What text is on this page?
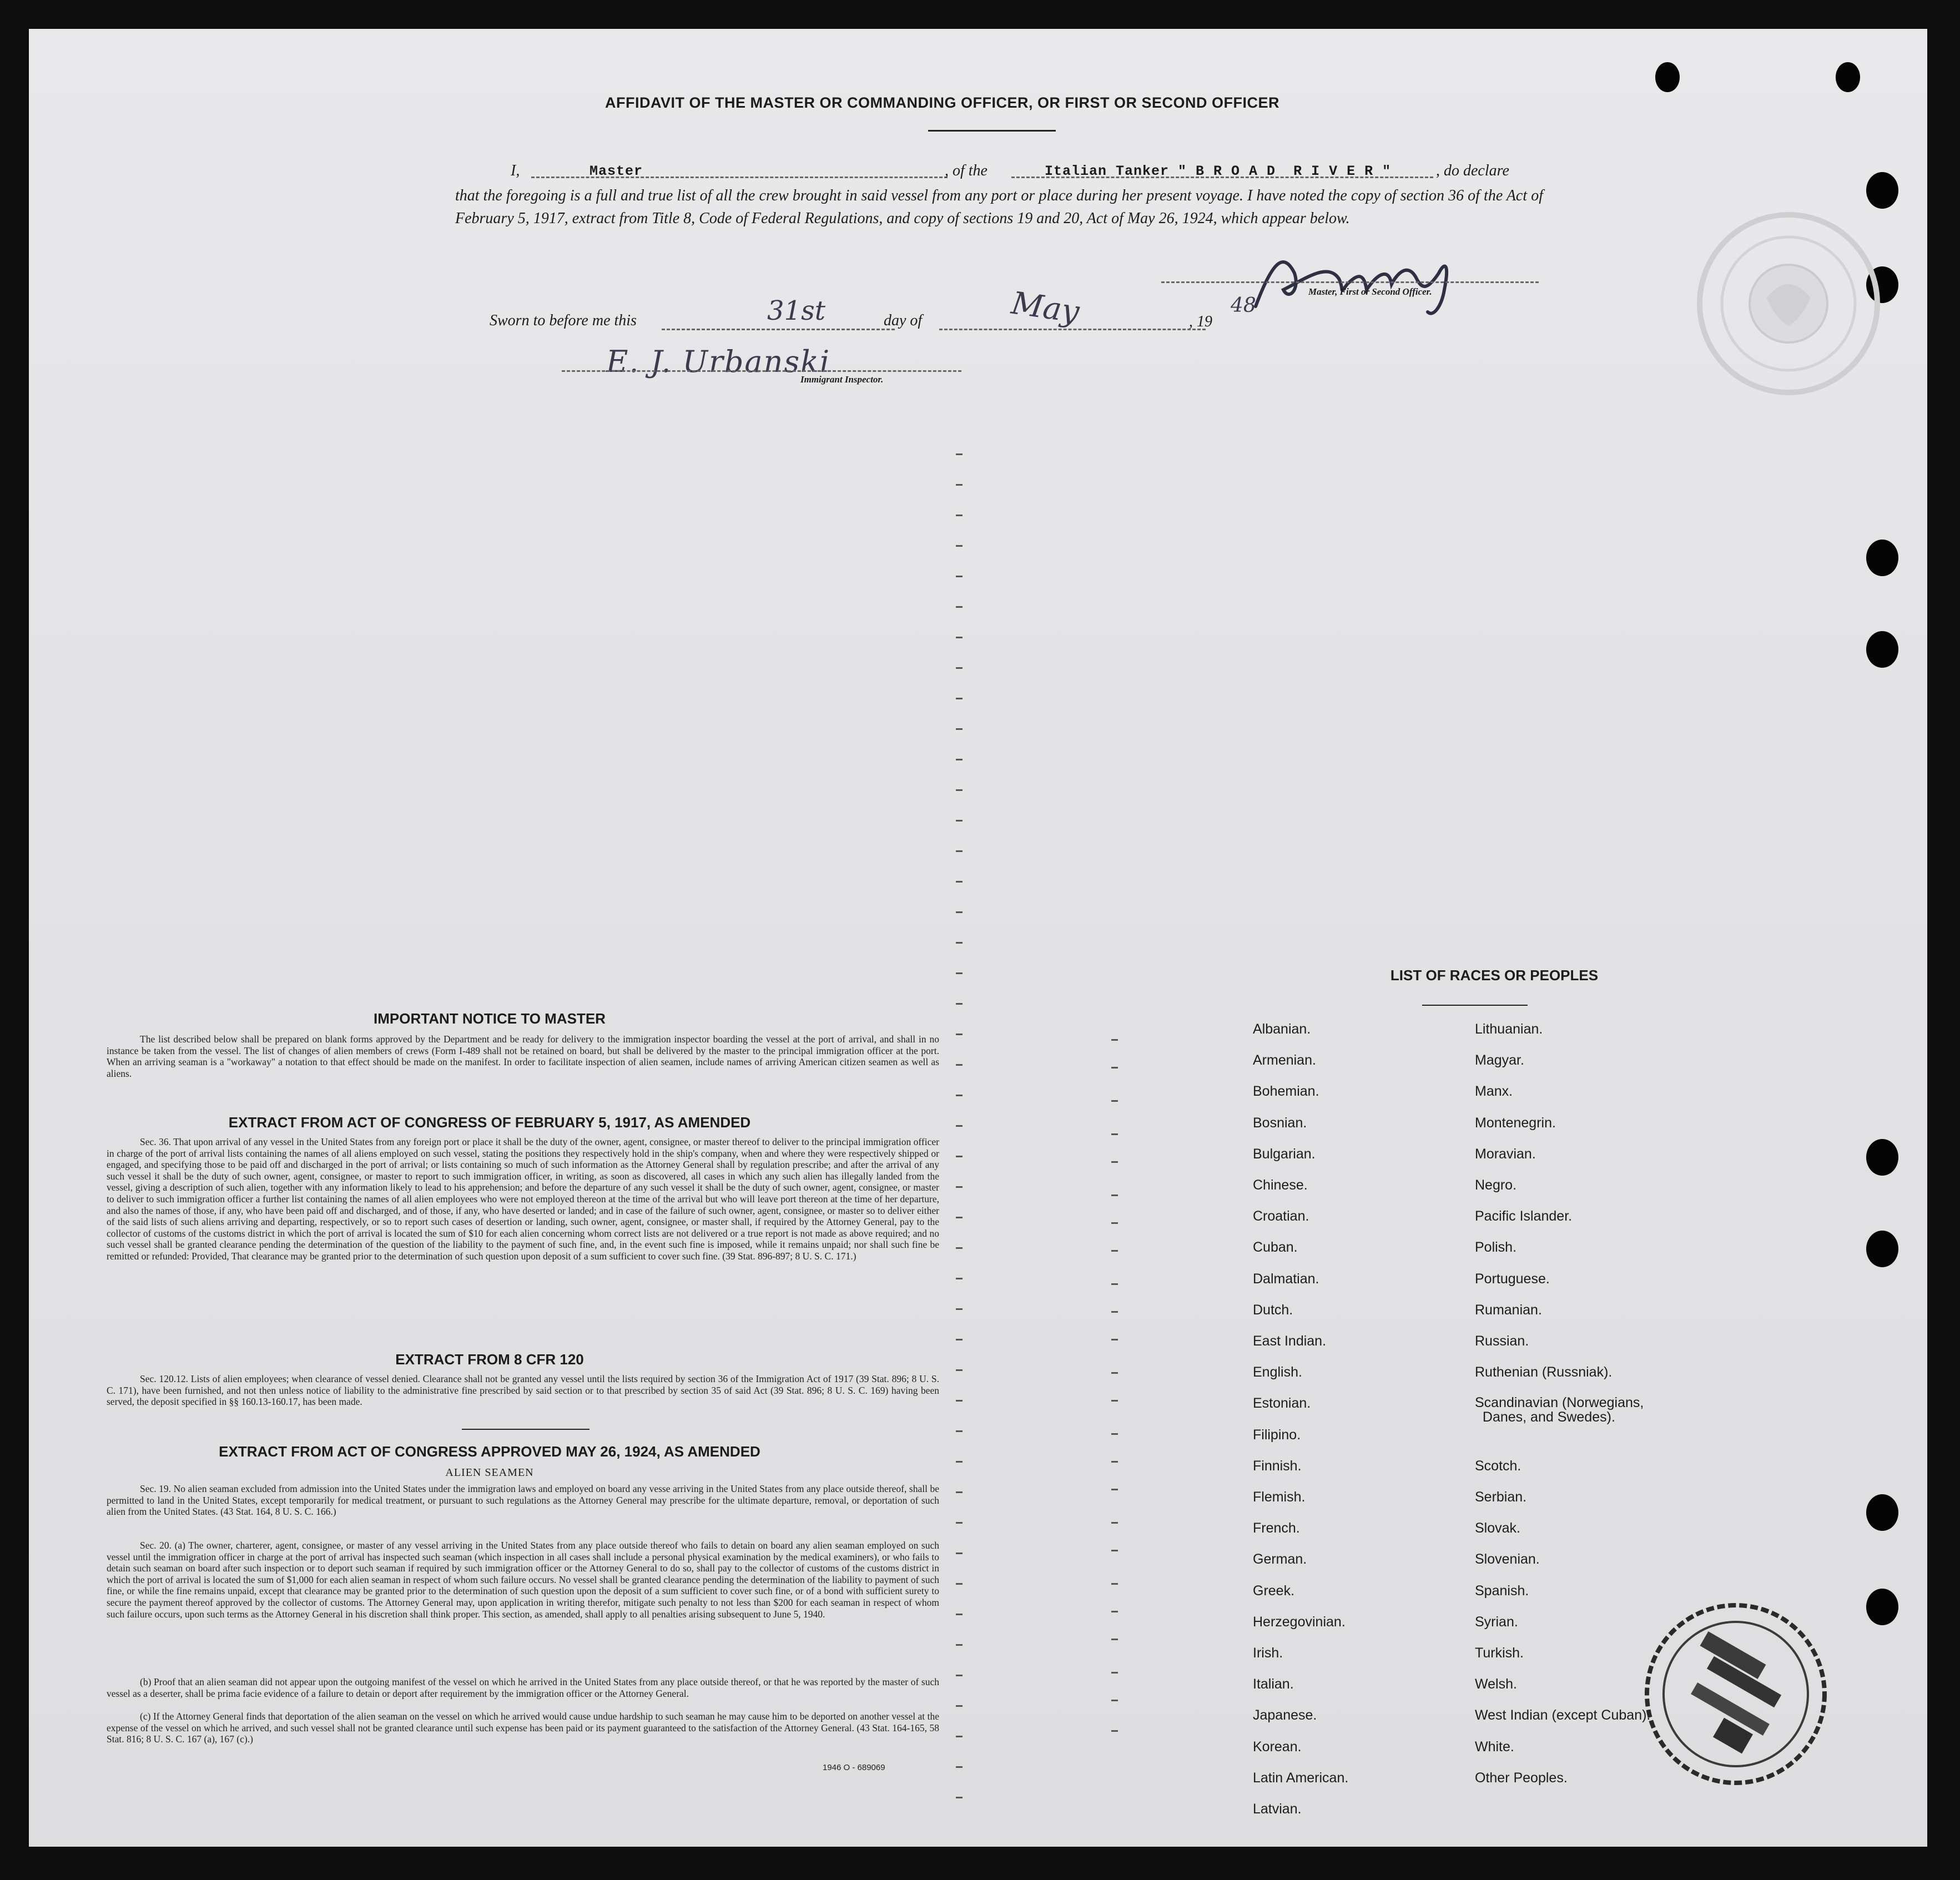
AFFIDAVIT OF THE MASTER OR COMMANDING OFFICER, OR FIRST OR SECOND OFFICER
I,	Master	, of the	Italian Tanker " B R O A D  R I V E R "	, do declare
that the foregoing is a full and true list of all the crew brought in said vessel from any port or place during her present voyage. I have noted the copy of section 36 of the Act of February 5, 1917, extract from Title 8, Code of Federal Regulations, and copy of sections 19 and 20, Act of May 26, 1924, which appear below.
Master, First or Second Officer.
Sworn to before me this	31st	day of	May	, 19
48
E. J. Urbanski
Immigrant Inspector.
IMPORTANT NOTICE TO MASTER
The list described below shall be prepared on blank forms approved by the Department and be ready for delivery to the immigration inspector boarding the vessel at the port of arrival, and shall in no instance be taken from the vessel. The list of changes of alien members of crews (Form I-489 shall not be retained on board, but shall be delivered by the master to the principal immigration officer at the port. When an arriving seaman is a "workaway" a notation to that effect should be made on the manifest. In order to facilitate inspection of alien seamen, include names of arriving American citizen seamen as well as aliens.
EXTRACT FROM ACT OF CONGRESS OF FEBRUARY 5, 1917, AS AMENDED
Sec. 36. That upon arrival of any vessel in the United States from any foreign port or place it shall be the duty of the owner, agent, consignee, or master thereof to deliver to the principal immigration officer in charge of the port of arrival lists containing the names of all aliens employed on such vessel, stating the positions they respectively hold in the ship's company, when and where they were respectively shipped or engaged, and specifying those to be paid off and discharged in the port of arrival; or lists containing so much of such information as the Attorney General shall by regulation prescribe; and after the arrival of any such vessel it shall be the duty of such owner, agent, consignee, or master to report to such immigration officer, in writing, as soon as discovered, all cases in which any such alien has illegally landed from the vessel, giving a description of such alien, together with any information likely to lead to his apprehension; and before the departure of any such vessel it shall be the duty of such owner, agent, consignee, or master to deliver to such immigration officer a further list containing the names of all alien employees who were not employed thereon at the time of the arrival but who will leave port thereon at the time of her departure, and also the names of those, if any, who have been paid off and discharged, and of those, if any, who have deserted or landed; and in case of the failure of such owner, agent, consignee, or master so to deliver either of the said lists of such aliens arriving and departing, respectively, or so to report such cases of desertion or landing, such owner, agent, consignee, or master shall, if required by the Attorney General, pay to the collector of customs of the customs district in which the port of arrival is located the sum of $10 for each alien concerning whom correct lists are not delivered or a true report is not made as above required; and no such vessel shall be granted clearance pending the determination of the question of the liability to the payment of such fine, and, in the event such fine is imposed, while it remains unpaid; nor shall such fine be remitted or refunded: Provided, That clearance may be granted prior to the determination of such question upon deposit of a sum sufficient to cover such fine. (39 Stat. 896-897; 8 U. S. C. 171.)
EXTRACT FROM 8 CFR 120
Sec. 120.12. Lists of alien employees; when clearance of vessel denied. Clearance shall not be granted any vessel until the lists required by section 36 of the Immigration Act of 1917 (39 Stat. 896; 8 U. S. C. 171), have been furnished, and not then unless notice of liability to the administrative fine prescribed by said section or to that prescribed by section 35 of said Act (39 Stat. 896; 8 U. S. C. 169) having been served, the deposit specified in §§ 160.13-160.17, has been made.
EXTRACT FROM ACT OF CONGRESS APPROVED MAY 26, 1924, AS AMENDED
ALIEN SEAMEN
Sec. 19. No alien seaman excluded from admission into the United States under the immigration laws and employed on board any vesse arriving in the United States from any place outside thereof, shall be permitted to land in the United States, except temporarily for medical treatment, or pursuant to such regulations as the Attorney General may prescribe for the ultimate departure, removal, or deportation of such alien from the United States. (43 Stat. 164, 8 U. S. C. 166.)
Sec. 20. (a) The owner, charterer, agent, consignee, or master of any vessel arriving in the United States from any place outside thereof who fails to detain on board any alien seaman employed on such vessel until the immigration officer in charge at the port of arrival has inspected such seaman (which inspection in all cases shall include a personal physical examination by the medical examiners), or who fails to detain such seaman on board after such inspection or to deport such seaman if required by such immigration officer or the Attorney General to do so, shall pay to the collector of customs of the customs district in which the port of arrival is located the sum of $1,000 for each alien seaman in respect of whom such failure occurs. No vessel shall be granted clearance pending the determination of the liability to payment of such fine, or while the fine remains unpaid, except that clearance may be granted prior to the determination of such question upon the deposit of a sum sufficient to cover such fine, or of a bond with sufficient surety to secure the payment thereof approved by the collector of customs. The Attorney General may, upon application in writing therefor, mitigate such penalty to not less than $200 for each seaman in respect of whom such failure occurs, upon such terms as the Attorney General in his discretion shall think proper. This section, as amended, shall apply to all penalties arising subsequent to June 5, 1940.
(b) Proof that an alien seaman did not appear upon the outgoing manifest of the vessel on which he arrived in the United States from any place outside thereof, or that he was reported by the master of such vessel as a deserter, shall be prima facie evidence of a failure to detain or deport after requirement by the immigration officer or the Attorney General.
(c) If the Attorney General finds that deportation of the alien seaman on the vessel on which he arrived would cause undue hardship to such seaman he may cause him to be deported on another vessel at the expense of the vessel on which he arrived, and such vessel shall not be granted clearance until such expense has been paid or its payment guaranteed to the satisfaction of the Attorney General. (43 Stat. 164-165, 58 Stat. 816; 8 U. S. C. 167 (a), 167 (c).)
1946 O - 689069
LIST OF RACES OR PEOPLES
Albanian.
Armenian.
Bohemian.
Bosnian.
Bulgarian.
Chinese.
Croatian.
Cuban.
Dalmatian.
Dutch.
East Indian.
English.
Estonian.
Filipino.
Finnish.
Flemish.
French.
German.
Greek.
Herzegovinian.
Irish.
Italian.
Japanese.
Korean.
Latin American.
Latvian.
Lithuanian.
Magyar.
Manx.
Montenegrin.
Moravian.
Negro.
Pacific Islander.
Polish.
Portuguese.
Rumanian.
Russian.
Ruthenian (Russniak).
Scandinavian (Norwegians,
Danes, and Swedes).
Scotch.
Serbian.
Slovak.
Slovenian.
Spanish.
Syrian.
Turkish.
Welsh.
West Indian (except Cuban).
White.
Other Peoples.
